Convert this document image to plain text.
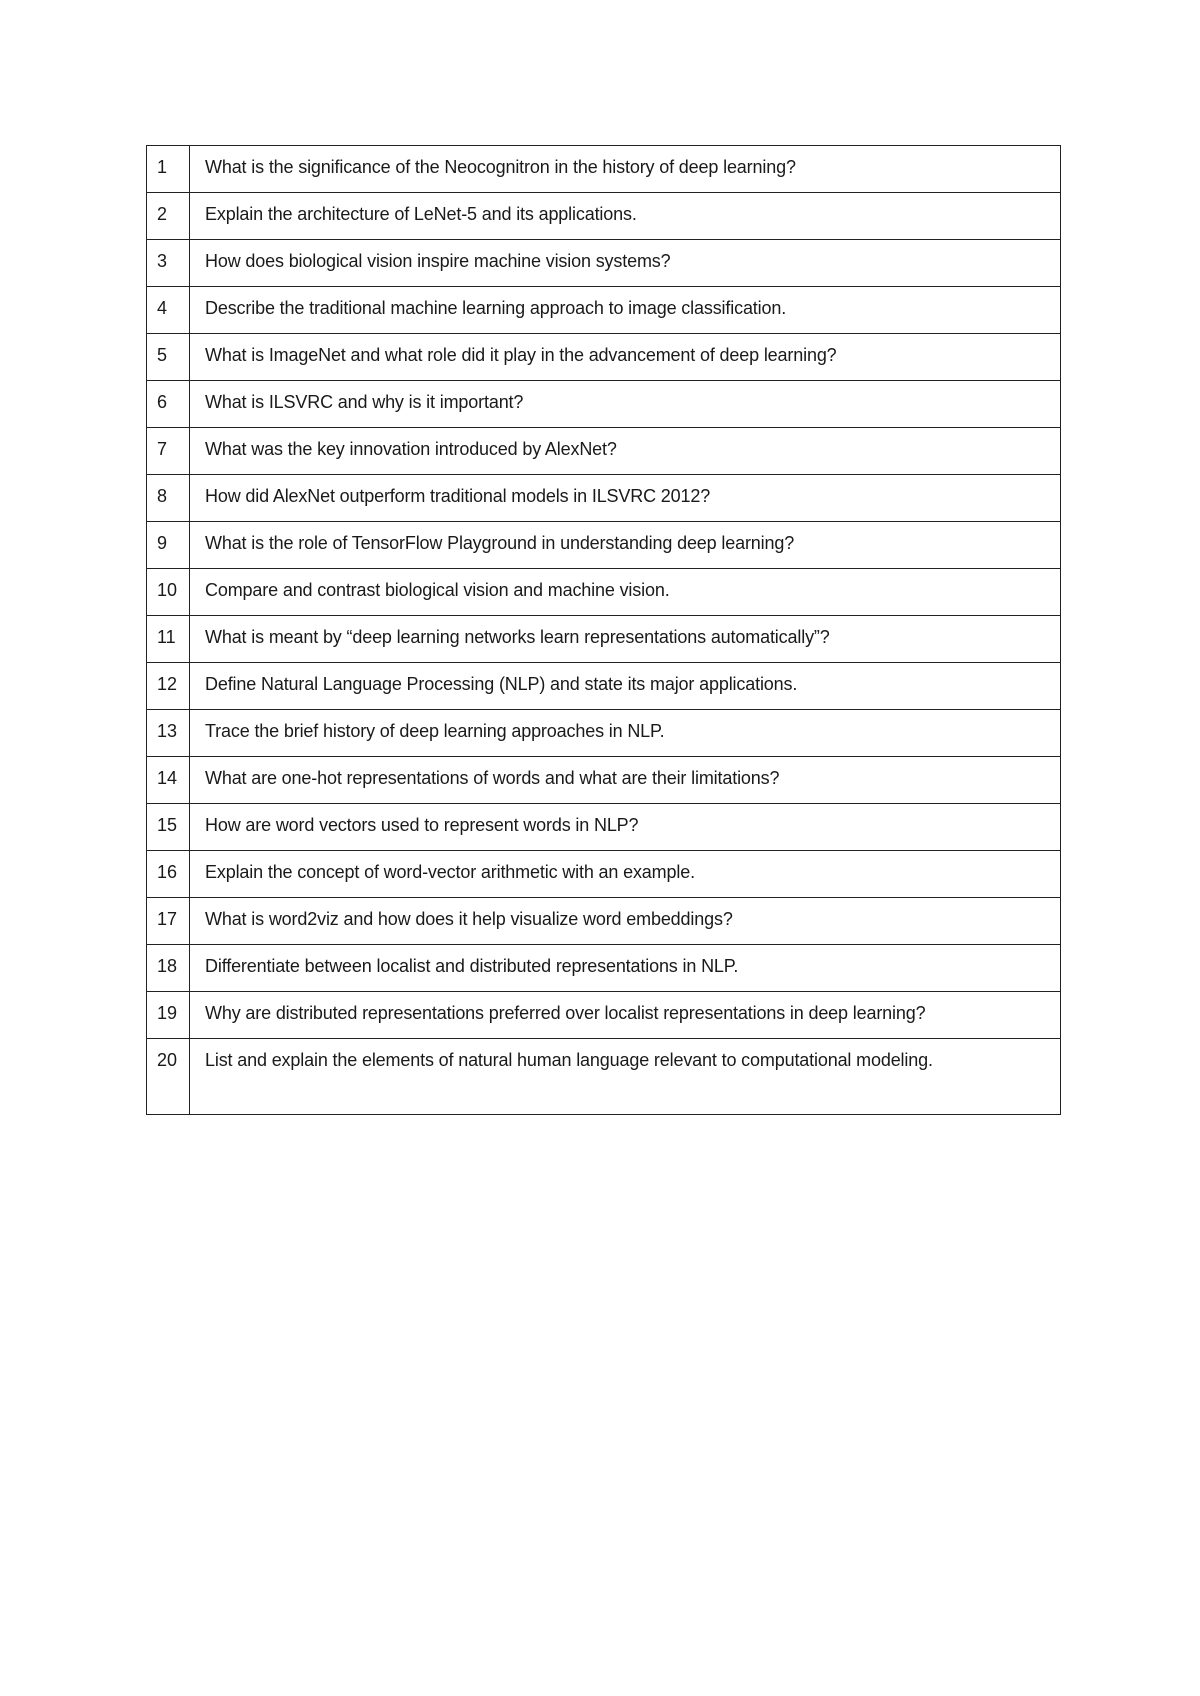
1	What is the significance of the Neocognitron in the history of deep learning?
2	Explain the architecture of LeNet-5 and its applications.
3	How does biological vision inspire machine vision systems?
4	Describe the traditional machine learning approach to image classification.
5	What is ImageNet and what role did it play in the advancement of deep learning?
6	What is ILSVRC and why is it important?
7	What was the key innovation introduced by AlexNet?
8	How did AlexNet outperform traditional models in ILSVRC 2012?
9	What is the role of TensorFlow Playground in understanding deep learning?
10	Compare and contrast biological vision and machine vision.
11	What is meant by “deep learning networks learn representations automatically”?
12	Define Natural Language Processing (NLP) and state its major applications.
13	Trace the brief history of deep learning approaches in NLP.
14	What are one-hot representations of words and what are their limitations?
15	How are word vectors used to represent words in NLP?
16	Explain the concept of word-vector arithmetic with an example.
17	What is word2viz and how does it help visualize word embeddings?
18	Differentiate between localist and distributed representations in NLP.
19	Why are distributed representations preferred over localist representations in deep learning?
20	List and explain the elements of natural human language relevant to computational modeling.
